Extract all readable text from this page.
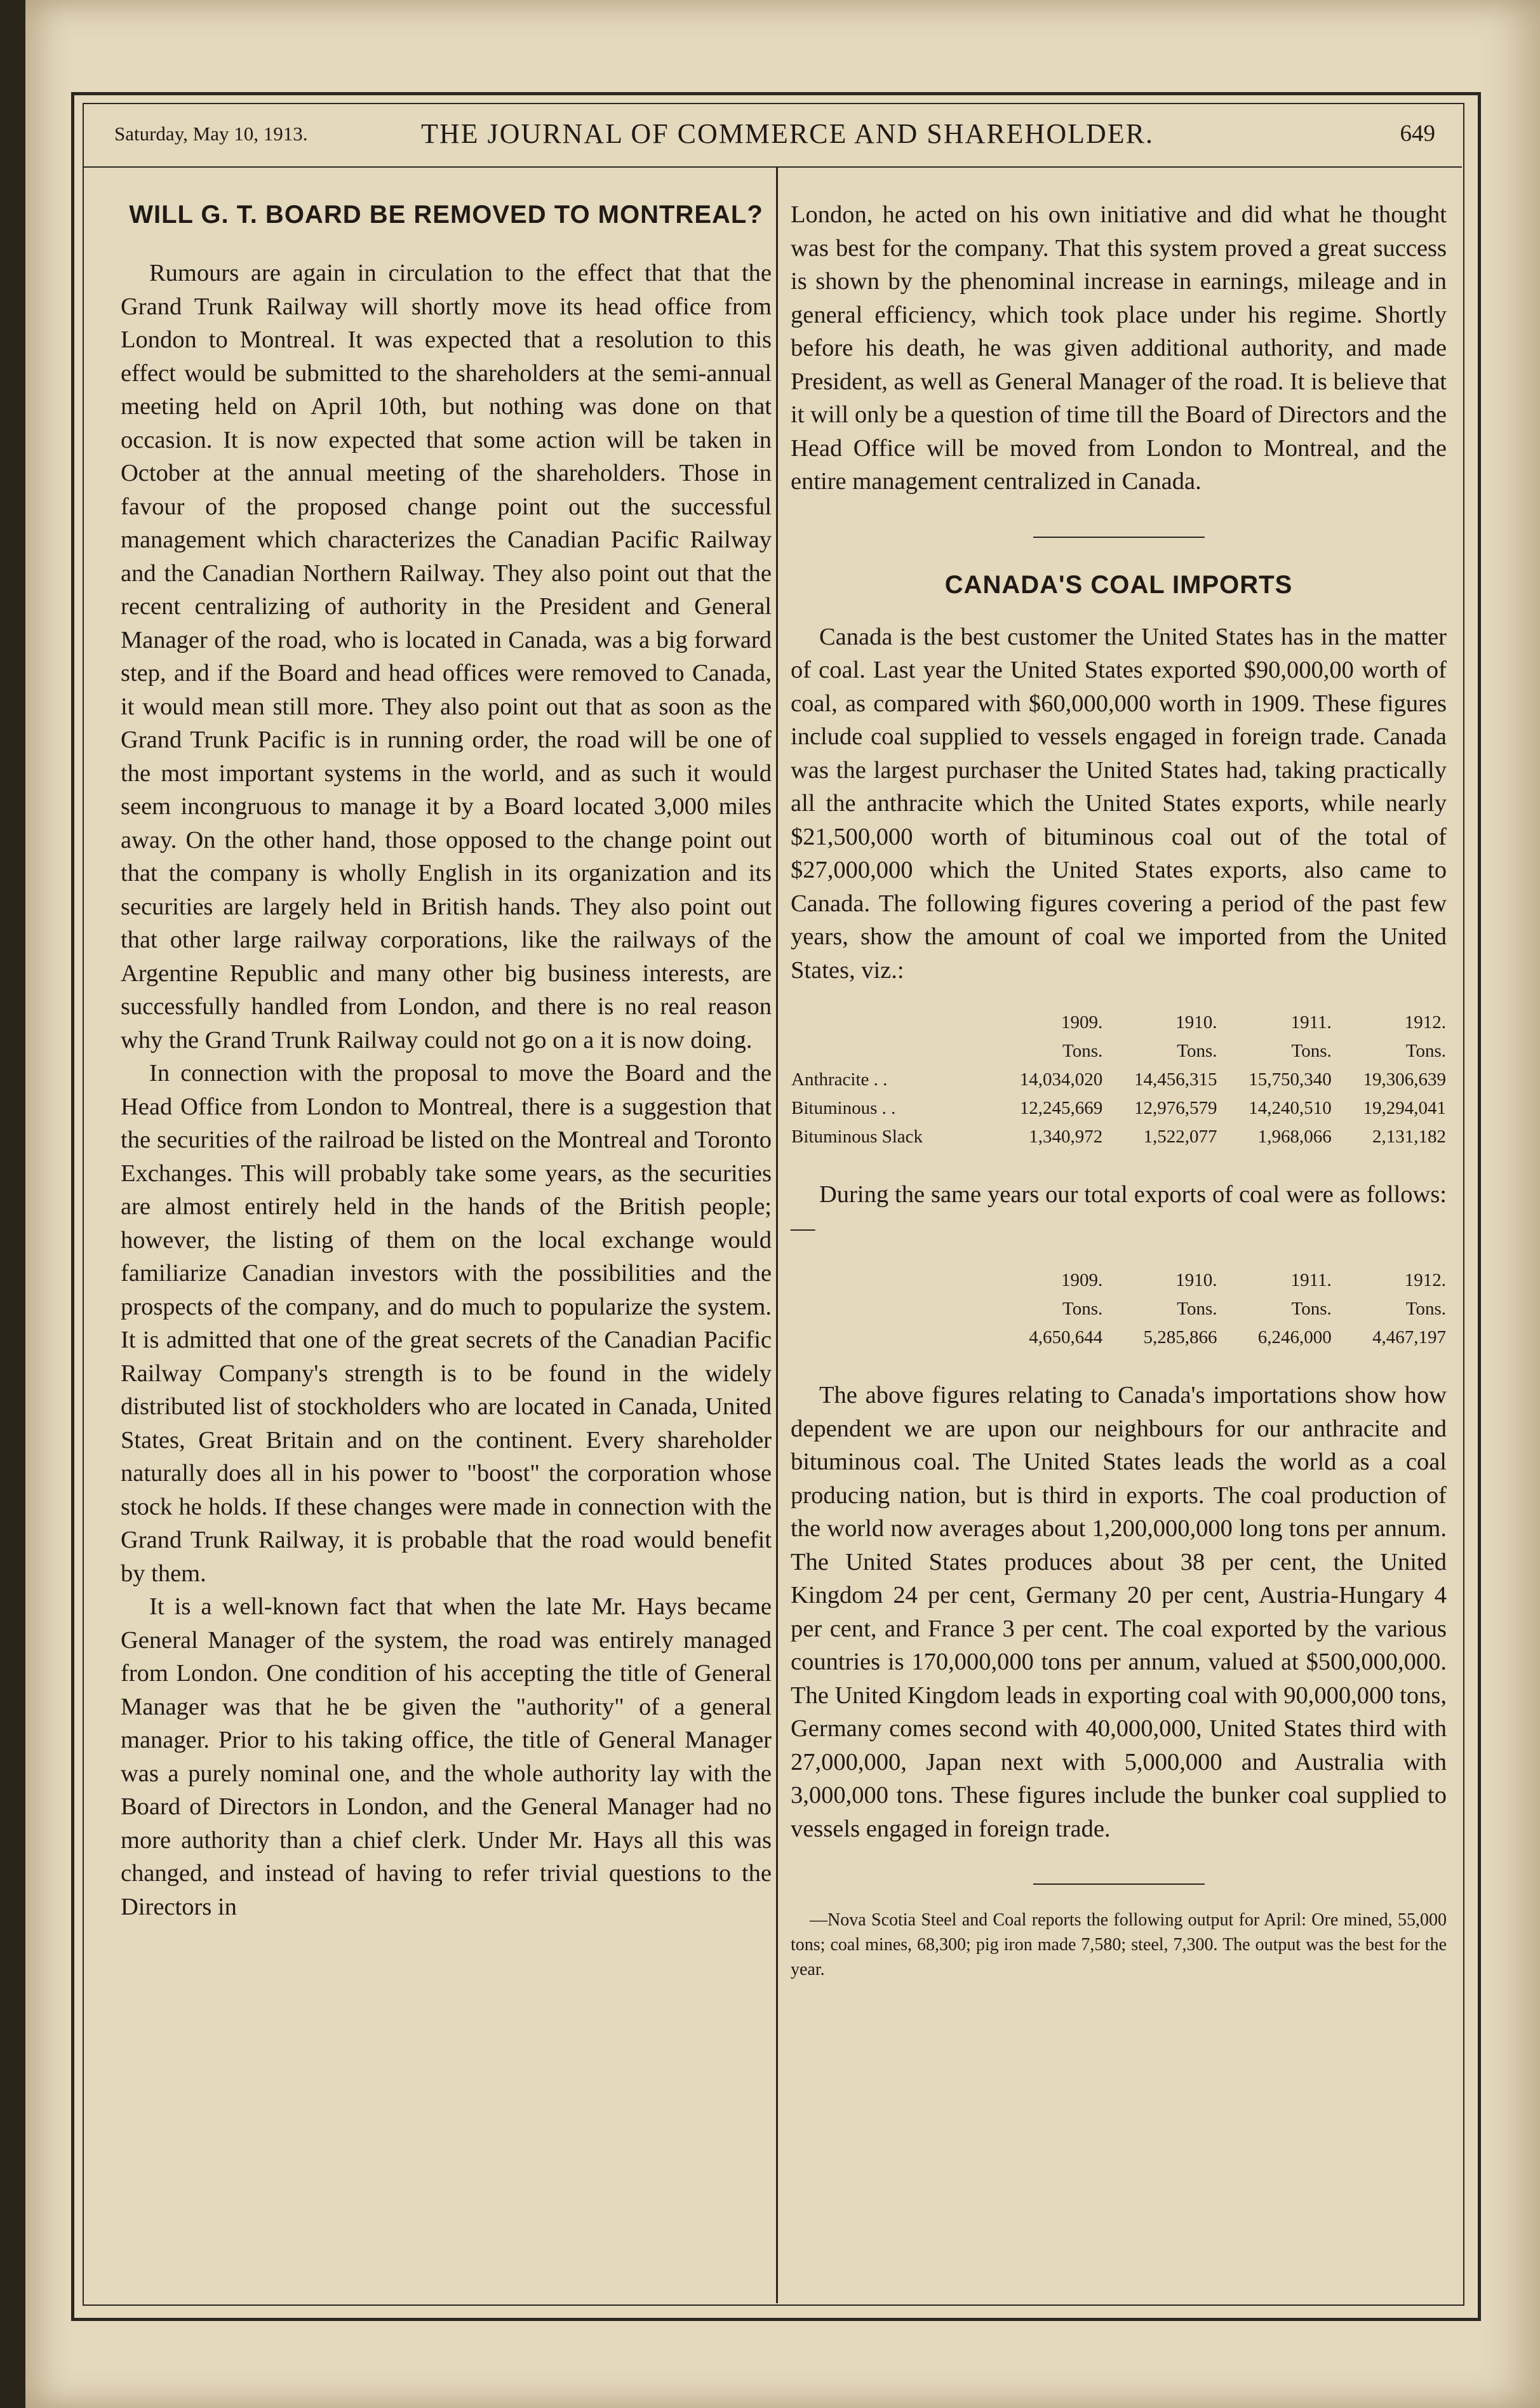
Saturday, May 10, 1913.	THE JOURNAL OF COMMERCE AND SHAREHOLDER.	649
WILL G. T. BOARD BE REMOVED TO MONTREAL?

Rumours are again in circulation to the effect that that the Grand Trunk Railway will shortly move its head office from London to Montreal. It was expected that a resolution to this effect would be submitted to the shareholders at the semi-annual meeting held on April 10th, but nothing was done on that occasion. It is now expected that some action will be taken in October at the annual meeting of the shareholders. Those in favour of the proposed change point out the successful management which characterizes the Canadian Pacific Railway and the Canadian Northern Railway. They also point out that the recent centralizing of authority in the President and General Manager of the road, who is located in Canada, was a big forward step, and if the Board and head offices were removed to Canada, it would mean still more. They also point out that as soon as the Grand Trunk Pacific is in running order, the road will be one of the most important systems in the world, and as such it would seem incongruous to manage it by a Board located 3,000 miles away. On the other hand, those opposed to the change point out that the company is wholly English in its organization and its securities are largely held in British hands. They also point out that other large railway corporations, like the railways of the Argentine Republic and many other big business interests, are successfully handled from London, and there is no real reason why the Grand Trunk Railway could not go on a it is now doing.

In connection with the proposal to move the Board and the Head Office from London to Montreal, there is a suggestion that the securities of the railroad be listed on the Montreal and Toronto Exchanges. This will probably take some years, as the securities are almost entirely held in the hands of the British people; however, the listing of them on the local exchange would familiarize Canadian investors with the possibilities and the prospects of the company, and do much to popularize the system. It is admitted that one of the great secrets of the Canadian Pacific Railway Company's strength is to be found in the widely distributed list of stockholders who are located in Canada, United States, Great Britain and on the continent. Every shareholder naturally does all in his power to "boost" the corporation whose stock he holds. If these changes were made in connection with the Grand Trunk Railway, it is probable that the road would benefit by them.

It is a well-known fact that when the late Mr. Hays became General Manager of the system, the road was entirely managed from London. One condition of his accepting the title of General Manager was that he be given the "authority" of a general manager. Prior to his taking office, the title of General Manager was a purely nominal one, and the whole authority lay with the Board of Directors in London, and the General Manager had no more authority than a chief clerk. Under Mr. Hays all this was changed, and instead of having to refer trivial questions to the Directors in

London, he acted on his own initiative and did what he thought was best for the company. That this system proved a great success is shown by the phenominal increase in earnings, mileage and in general efficiency, which took place under his regime. Shortly before his death, he was given additional authority, and made President, as well as General Manager of the road. It is believe that it will only be a question of time till the Board of Directors and the Head Office will be moved from London to Montreal, and the entire management centralized in Canada.

CANADA'S COAL IMPORTS

Canada is the best customer the United States has in the matter of coal. Last year the United States exported $90,000,00 worth of coal, as compared with $60,000,000 worth in 1909. These figures include coal supplied to vessels engaged in foreign trade. Canada was the largest purchaser the United States had, taking practically all the anthracite which the United States exports, while nearly $21,500,000 worth of bituminous coal out of the total of $27,000,000 which the United States exports, also came to Canada. The following figures covering a period of the past few years, show the amount of coal we imported from the United States, viz.:

	1909.	1910.	1911.	1912.
	Tons.	Tons.	Tons.	Tons.
Anthracite . .	14,034,020	14,456,315	15,750,340	19,306,639
Bituminous . .	12,245,669	12,976,579	14,240,510	19,294,041
Bituminous Slack	1,340,972	1,522,077	1,968,066	2,131,182

During the same years our total exports of coal were as follows:—

	1909.	1910.	1911.	1912.
	Tons.	Tons.	Tons.	Tons.
	4,650,644	5,285,866	6,246,000	4,467,197

The above figures relating to Canada's importations show how dependent we are upon our neighbours for our anthracite and bituminous coal. The United States leads the world as a coal producing nation, but is third in exports. The coal production of the world now averages about 1,200,000,000 long tons per annum. The United States produces about 38 per cent, the United Kingdom 24 per cent, Germany 20 per cent, Austria-Hungary 4 per cent, and France 3 per cent. The coal exported by the various countries is 170,000,000 tons per annum, valued at $500,000,000. The United Kingdom leads in exporting coal with 90,000,000 tons, Germany comes second with 40,000,000, United States third with 27,000,000, Japan next with 5,000,000 and Australia with 3,000,000 tons. These figures include the bunker coal supplied to vessels engaged in foreign trade.

—Nova Scotia Steel and Coal reports the following output for April: Ore mined, 55,000 tons; coal mines, 68,300; pig iron made 7,580; steel, 7,300. The output was the best for the year.
